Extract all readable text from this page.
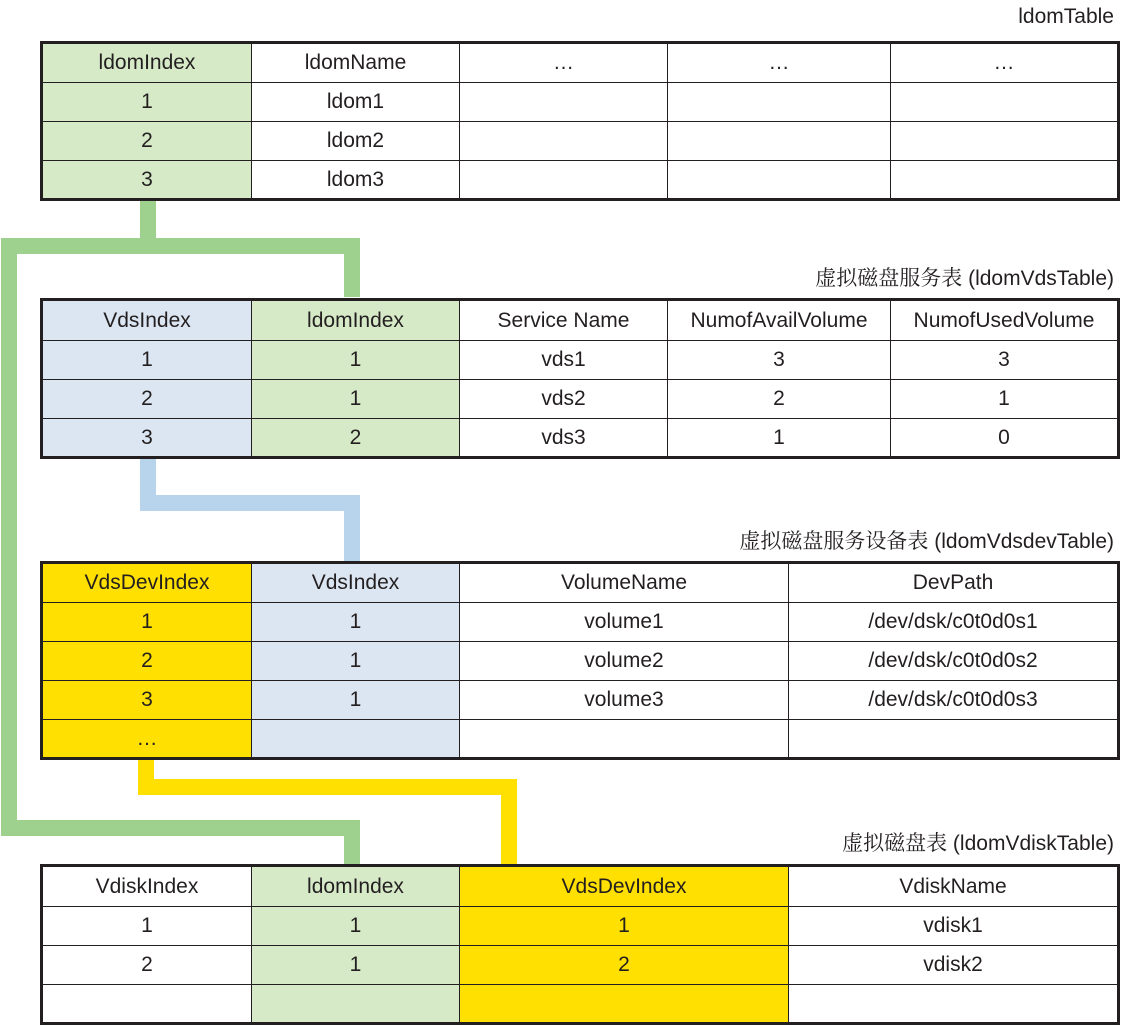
ldomTable
ldomIndex	ldomName	…	…	…
1	ldom1			
2	ldom2			
3	ldom3			
虚拟磁盘服务表 (ldomVdsTable)
VdsIndex	ldomIndex	Service Name	NumofAvailVolume	NumofUsedVolume
1	1	vds1	3	3
2	1	vds2	2	1
3	2	vds3	1	0
虚拟磁盘服务设备表 (ldomVdsdevTable)
VdsDevIndex	VdsIndex	VolumeName	DevPath
1	1	volume1	/dev/dsk/c0t0d0s1
2	1	volume2	/dev/dsk/c0t0d0s2
3	1	volume3	/dev/dsk/c0t0d0s3
…			
虚拟磁盘表 (ldomVdiskTable)
VdiskIndex	ldomIndex	VdsDevIndex	VdiskName
1	1	1	vdisk1
2	1	2	vdisk2
